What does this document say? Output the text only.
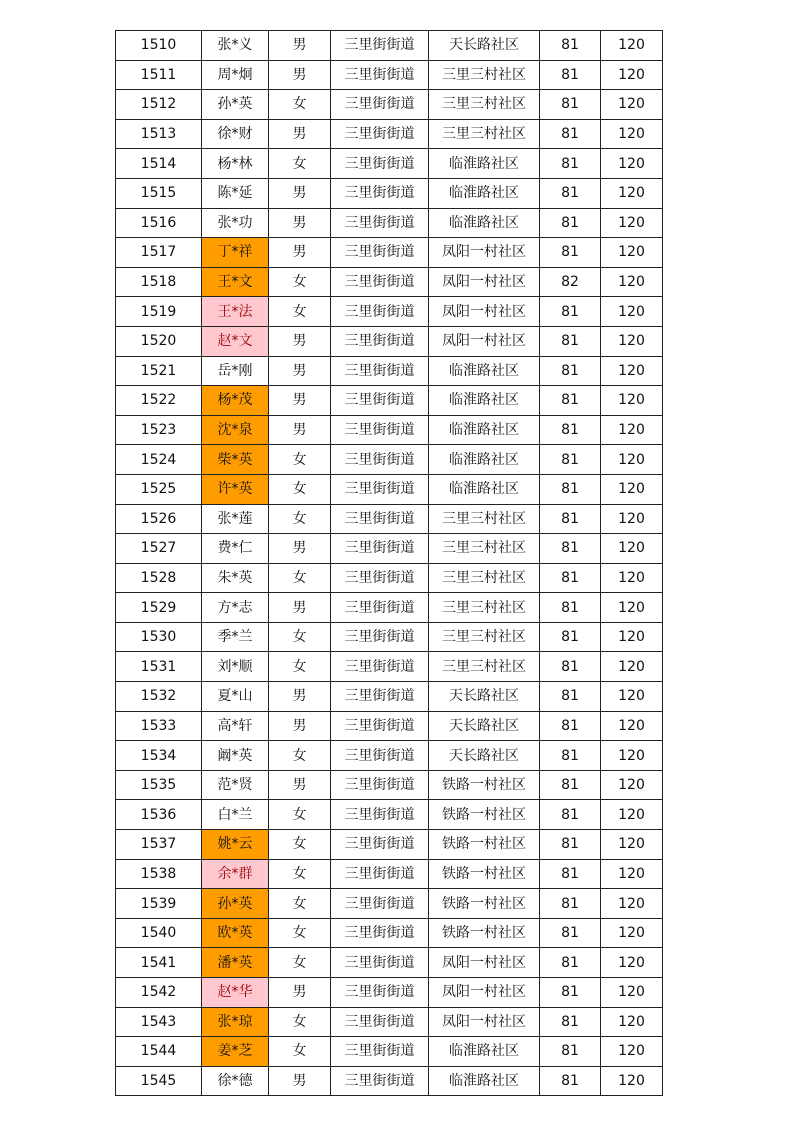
1510	张*义	男	三里街街道	天长路社区	81	120
1511	周*炯	男	三里街街道	三里三村社区	81	120
1512	孙*英	女	三里街街道	三里三村社区	81	120
1513	徐*财	男	三里街街道	三里三村社区	81	120
1514	杨*林	女	三里街街道	临淮路社区	81	120
1515	陈*延	男	三里街街道	临淮路社区	81	120
1516	张*功	男	三里街街道	临淮路社区	81	120
1517	丁*祥	男	三里街街道	凤阳一村社区	81	120
1518	王*文	女	三里街街道	凤阳一村社区	82	120
1519	王*法	女	三里街街道	凤阳一村社区	81	120
1520	赵*文	男	三里街街道	凤阳一村社区	81	120
1521	岳*刚	男	三里街街道	临淮路社区	81	120
1522	杨*茂	男	三里街街道	临淮路社区	81	120
1523	沈*泉	男	三里街街道	临淮路社区	81	120
1524	柴*英	女	三里街街道	临淮路社区	81	120
1525	许*英	女	三里街街道	临淮路社区	81	120
1526	张*莲	女	三里街街道	三里三村社区	81	120
1527	费*仁	男	三里街街道	三里三村社区	81	120
1528	朱*英	女	三里街街道	三里三村社区	81	120
1529	方*志	男	三里街街道	三里三村社区	81	120
1530	季*兰	女	三里街街道	三里三村社区	81	120
1531	刘*顺	女	三里街街道	三里三村社区	81	120
1532	夏*山	男	三里街街道	天长路社区	81	120
1533	高*轩	男	三里街街道	天长路社区	81	120
1534	阚*英	女	三里街街道	天长路社区	81	120
1535	范*贤	男	三里街街道	铁路一村社区	81	120
1536	白*兰	女	三里街街道	铁路一村社区	81	120
1537	姚*云	女	三里街街道	铁路一村社区	81	120
1538	余*群	女	三里街街道	铁路一村社区	81	120
1539	孙*英	女	三里街街道	铁路一村社区	81	120
1540	欧*英	女	三里街街道	铁路一村社区	81	120
1541	潘*英	女	三里街街道	凤阳一村社区	81	120
1542	赵*华	男	三里街街道	凤阳一村社区	81	120
1543	张*琼	女	三里街街道	凤阳一村社区	81	120
1544	姜*芝	女	三里街街道	临淮路社区	81	120
1545	徐*德	男	三里街街道	临淮路社区	81	120
